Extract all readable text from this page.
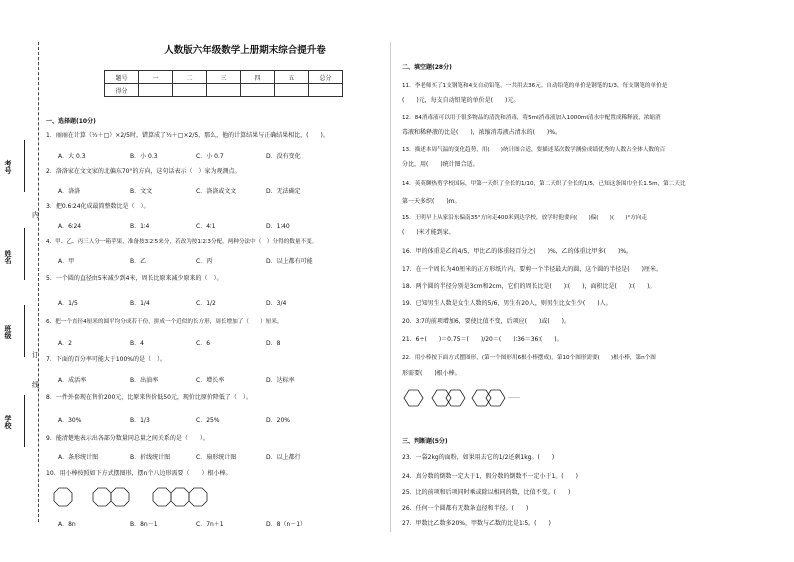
考号
姓名
班级
学校
订
线
内
人数版六年级数学上册期末综合提升卷
题号	一	二	三	四	五	总分
得分						
一、选择题(10分)
1．丽丽在计算（½＋□）×2/5时，错算成了½＋□×2/5，那么，他的计算结果与正确结果相比，(　　)。
A．大 0.3	B．小 0.3	C．小 0.7	D．没有变化
2．洛洛家在文文家的北偏东70°的方向，这句话表示（　）家为观测点。
A．洛洛	B．文文	C．洛洛或文文	D．无法确定
3．把0.6∶24化成最简整数比是（　）。
A．6∶24	B．1∶4	C．4∶1	D．1∶40
4．甲、乙、丙三人分一箱苹果，准备按3∶2∶5来分，若改为按1∶2∶3分配，两种分法中（　）分得的数量不变。
A．甲	B．乙	C．丙	D．以上都有可能
5．一个圆的直径由5米减少到4米，周长比原来减少原来的（　）。
A．1/5	B．1/4	C．1/2	D．3/4
6．把一个直径4厘米的圆平均分成若干份，拼成一个近似的长方形，周长增加了（　　）厘米。
A．2	B．4	C．6	D．8
7．下面的百分率可能大于100%的是（　）。
A．成活率	B．出油率	C．增长率	D．达标率
8．一件外套现在售价200元，比原来售价低50元，现价比原价降低了（　）。
A．30%	B．1/3	C．25%	D．20%
9．能清楚地表示出各部分数量同总量之间关系的是（　　）。
A．条形统计图	B．折线统计图	C．扇形统计图	D．以上都行
10．用小棒按照如下方式摆图形，摆n个八边形需要（　　）根小棒。
A．8n	B．8n－1	C．7n＋1	D．8（n－1）
二、填空题(28分)
11．李老师买了1支钢笔和4支自动铅笔，一共用去36元。自动铅笔的单价是钢笔的1/3，每支钢笔的单价是
(　　)元，每支自动铅笔的单价是(　　)元。
12．84消毒液可以用于很多物品的清洗和消毒，将5ml消毒液加入1000ml清水中配置成稀释液，浓缩消
毒液和稀释液的比是(　　)，浓缩消毒液占清水的(　　)%。
13．描述本周气温的变化趋势，用(　　)统计图合适，要描述某次数学测验成绩优秀的人数占全体人数的百
分比，用(　　)统计图合适。
14．英英聊热剪学校国际，甲第一天织了全长的1/10，第二天织了全长的1/5，已知这条围巾全长1.5m，第二天比
第一天多织(　　)m。
15．王明早上从家沿东偏南35°方向走400米到达学校，放学时他要向(　　)偏(　　)(　　)°方向走
(　　)米才能到家。
16．甲的体重是乙的4/5，甲比乙的体重轻百分之(　　)%，乙的体重比甲多(　　)%。
17．在一个周长为40厘米的正方形纸片内，要剪一个半径最大的圆，这个圆的半径是(　　)厘米。
18．两个圆的半径分别是3cm和2cm，它们的周长比是(　　)∶(　　)，面积比是(　　)∶(　　)。
19．已知男生人数是女生人数的5/6，男生有20人，则男生比女生少(　　)人。
20．3∶7的前项增加6，要使比值不变，后项应(　　)或(　　)。
21．6÷(　　)＝0.75＝(　　)/20＝(　　)∶36＝36∶(　　)。
22．用小棒按下面方式摆图形，(第一个图形用6根小棒摆成)，第10个图形需要(　　)根小棒，第n个图
形需要(　　)根小棒。
……
三、判断题(5分)
23．一袋2kg的面粉，如果用去它的1/2还剩1kg。(　　)
24．真分数的倒数一定大于1，假分数的倒数不一定小于1。(　　)
25．比的前项和后项同时乘或除以相同的数，比值不变。(　　)
26．任何一个圆都有无数条直径和半径。(　　)
27．甲数比乙数多20%，甲数与乙数的比是1∶5。(　　)
